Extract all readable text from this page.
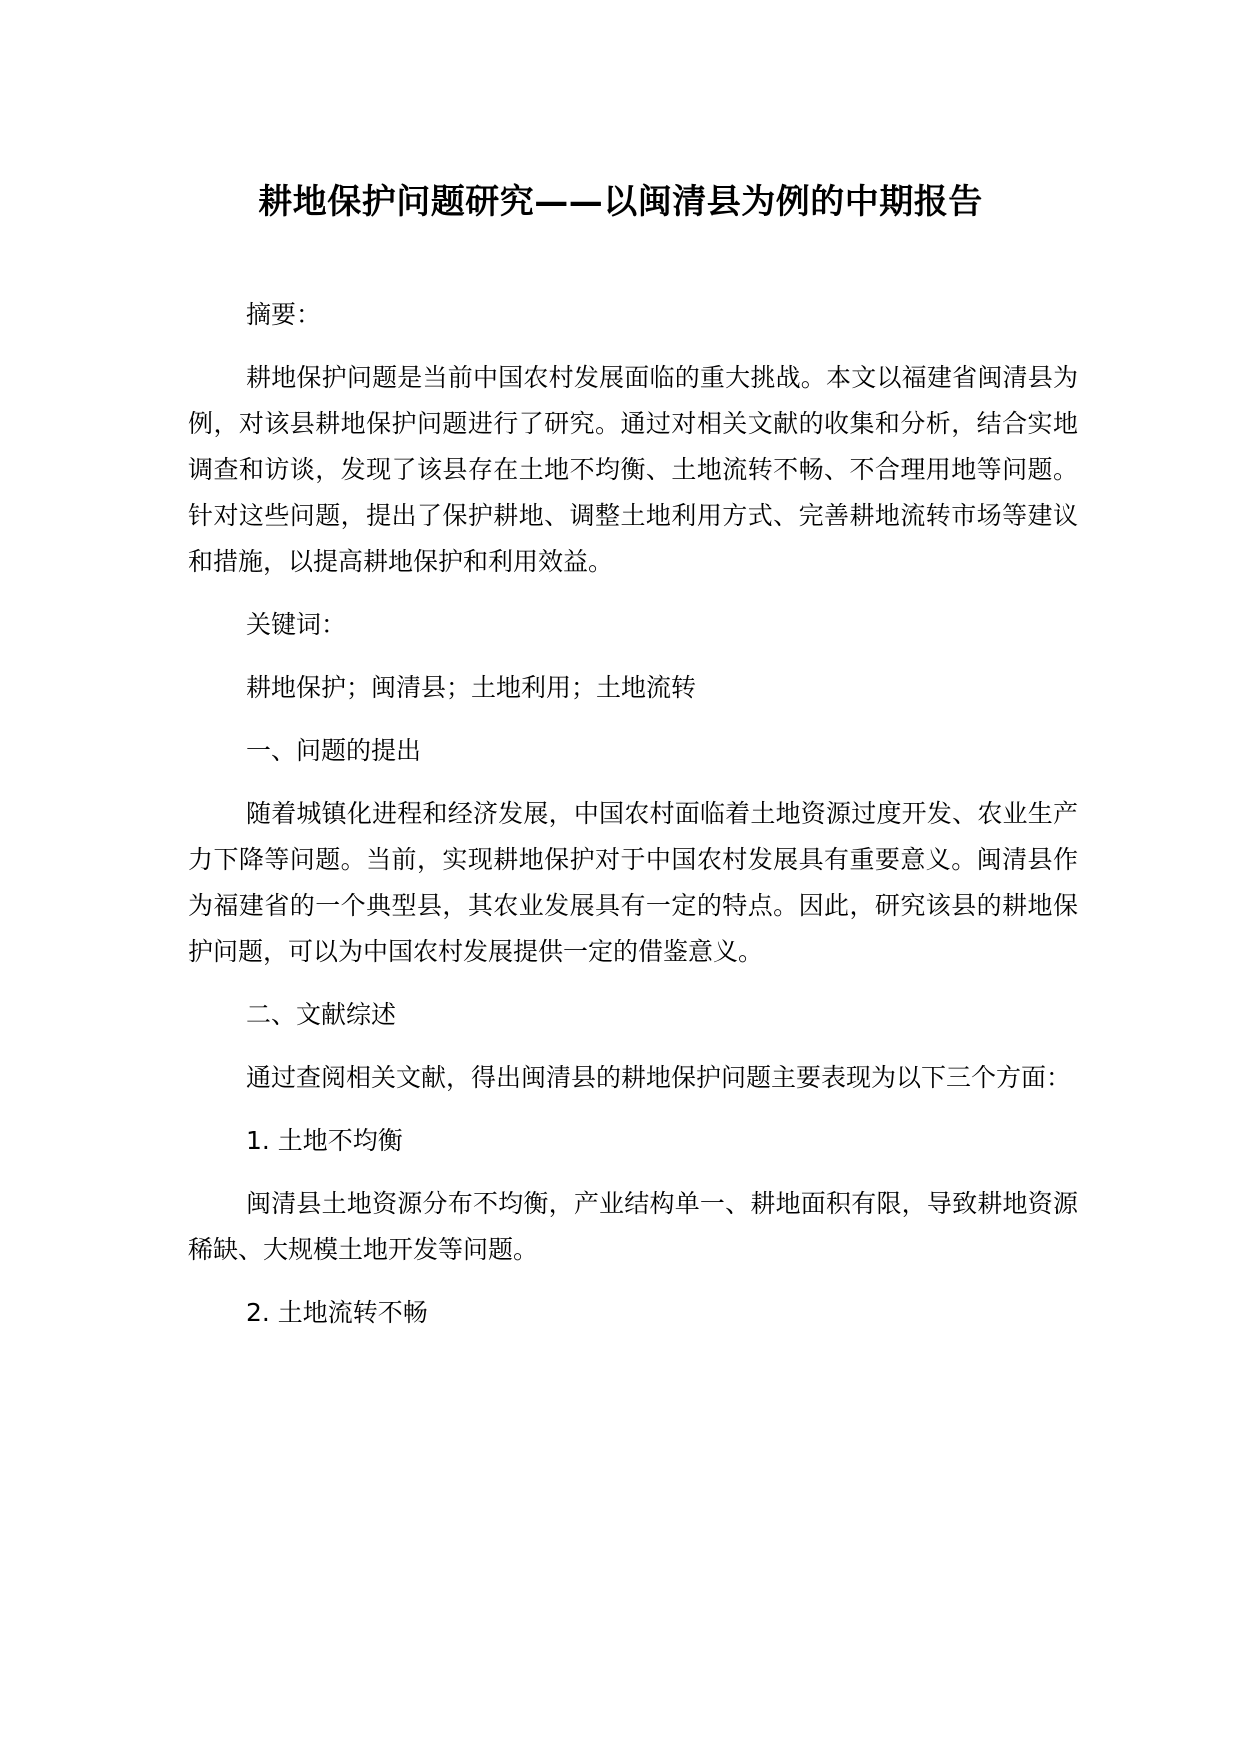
耕地保护问题研究——以闽清县为例的中期报告

摘要：

耕地保护问题是当前中国农村发展面临的重大挑战。本文以福建省闽清县为例，对该县耕地保护问题进行了研究。通过对相关文献的收集和分析，结合实地调查和访谈，发现了该县存在土地不均衡、土地流转不畅、不合理用地等问题。针对这些问题，提出了保护耕地、调整土地利用方式、完善耕地流转市场等建议和措施，以提高耕地保护和利用效益。

关键词：

耕地保护；闽清县；土地利用；土地流转

一、问题的提出

随着城镇化进程和经济发展，中国农村面临着土地资源过度开发、农业生产力下降等问题。当前，实现耕地保护对于中国农村发展具有重要意义。闽清县作为福建省的一个典型县，其农业发展具有一定的特点。因此，研究该县的耕地保护问题，可以为中国农村发展提供一定的借鉴意义。

二、文献综述

通过查阅相关文献，得出闽清县的耕地保护问题主要表现为以下三个方面：

1. 土地不均衡

闽清县土地资源分布不均衡，产业结构单一、耕地面积有限，导致耕地资源稀缺、大规模土地开发等问题。

2. 土地流转不畅
